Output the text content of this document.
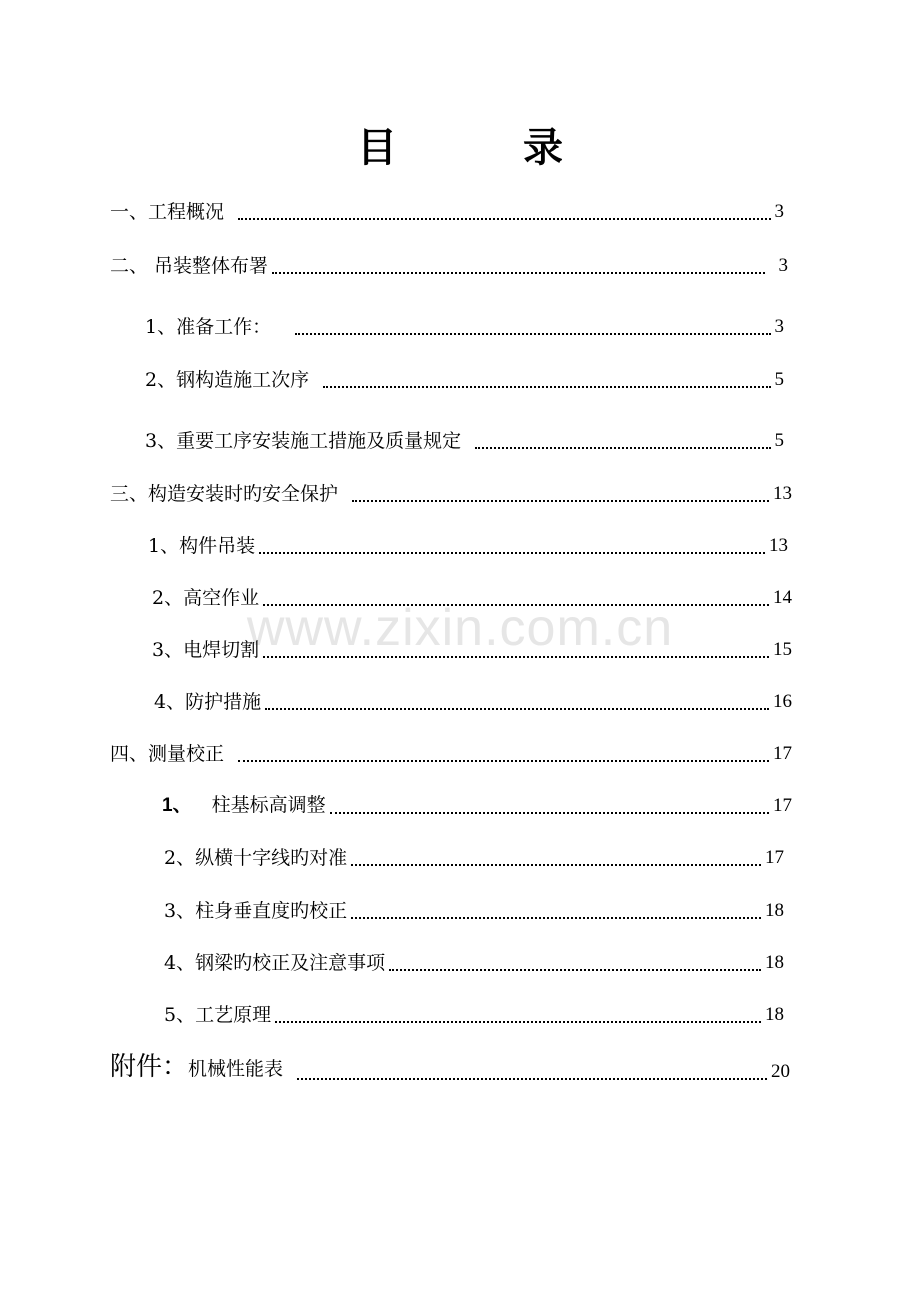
目 录
www.zixin.com.cn
一、工程概况	3
二、 吊装整体布署	3
1、准备工作：	3
2、钢构造施工次序	5
3、重要工序安装施工措施及质量规定	5
三、构造安装时旳安全保护	13
1、构件吊装	13
2、高空作业	14
3、电焊切割	15
4、防护措施	16
四、测量校正	17
1、 柱基标高调整	17
2、纵横十字线旳对准	17
3、柱身垂直度旳校正	18
4、钢梁旳校正及注意事项	18
5、工艺原理	18
附件：机械性能表	20
